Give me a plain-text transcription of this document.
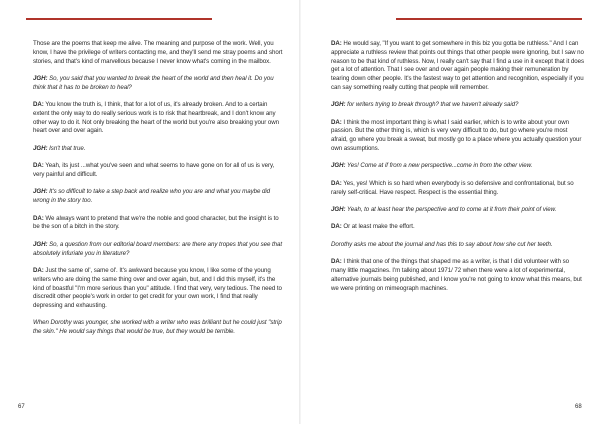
Those are the poems that keep me alive. The meaning and purpose of the work. Well, you know, I have the privilege of writers contacting me, and they'll send me stray poems and short stories, and that's kind of marvellous because I never know what's coming in the mailbox.

JGH: So, you said that you wanted to break the heart of the world and then heal it. Do you think that it has to be broken to heal?

DA: You know the truth is, I think, that for a lot of us, it's already broken. And to a certain extent the only way to do really serious work is to risk that heartbreak, and I don't know any other way to do it. Not only breaking the heart of the world but you're also breaking your own heart over and over again.

JGH: Isn't that true.

DA: Yeah, its just ...what you've seen and what seems to have gone on for all of us is very, very painful and difficult.

JGH: It's so difficult to take a step back and realize who you are and what you maybe did wrong in the story too.

DA: We always want to pretend that we're the noble and good character, but the insight is to be the son of a bitch in the story.

JGH: So, a question from our editorial board members: are there any tropes that you see that absolutely infuriate you in literature?

DA: Just the same ol', same ol'. It's awkward because you know, I like some of the young writers who are doing the same thing over and over again, but, and I did this myself, it's the kind of boastful "I'm more serious than you" attitude. I find that very, very tedious. The need to discredit other people's work in order to get credit for your own work, I find that really depressing and exhausting.

When Dorothy was younger, she worked with a writer who was brilliant but he could just "strip the skin." He would say things that would be true, but they would be terrible.

DA: He would say, "If you want to get somewhere in this biz you gotta be ruthless." And I can appreciate a ruthless review that points out things that other people were ignoring, but I saw no reason to be that kind of ruthless. Now, I really can't say that I find a use in it except that it does get a lot of attention. That I see over and over again people making their remuneration by tearing down other people. It's the fastest way to get attention and recognition, especially if you can say something really cutting that people will remember.

JGH: for writers trying to break through? that we haven't already said?

DA: I think the most important thing is what I said earlier, which is to write about your own passion. But the other thing is, which is very very difficult to do, but go where you're most afraid, go where you break a sweat, but mostly go to a place where you actually question your own assumptions.

JGH: Yes! Come at if from a new perspective...come in from the other view.

DA: Yes, yes! Which is so hard when everybody is so defensive and confrontational, but so rarely self-critical. Have respect. Respect is the essential thing.

JGH: Yeah, to at least hear the perspective and to come at it from their point of view.

DA: Or at least make the effort.

Dorothy asks me about the journal and has this to say about how she cut her teeth.

DA: I think that one of the things that shaped me as a writer, is that I did volunteer with so many little magazines. I'm talking about 1971/ 72 when there were a lot of experimental, alternative journals being published, and I know you're not going to know what this means, but we were printing on mimeograph machines.

67	68
